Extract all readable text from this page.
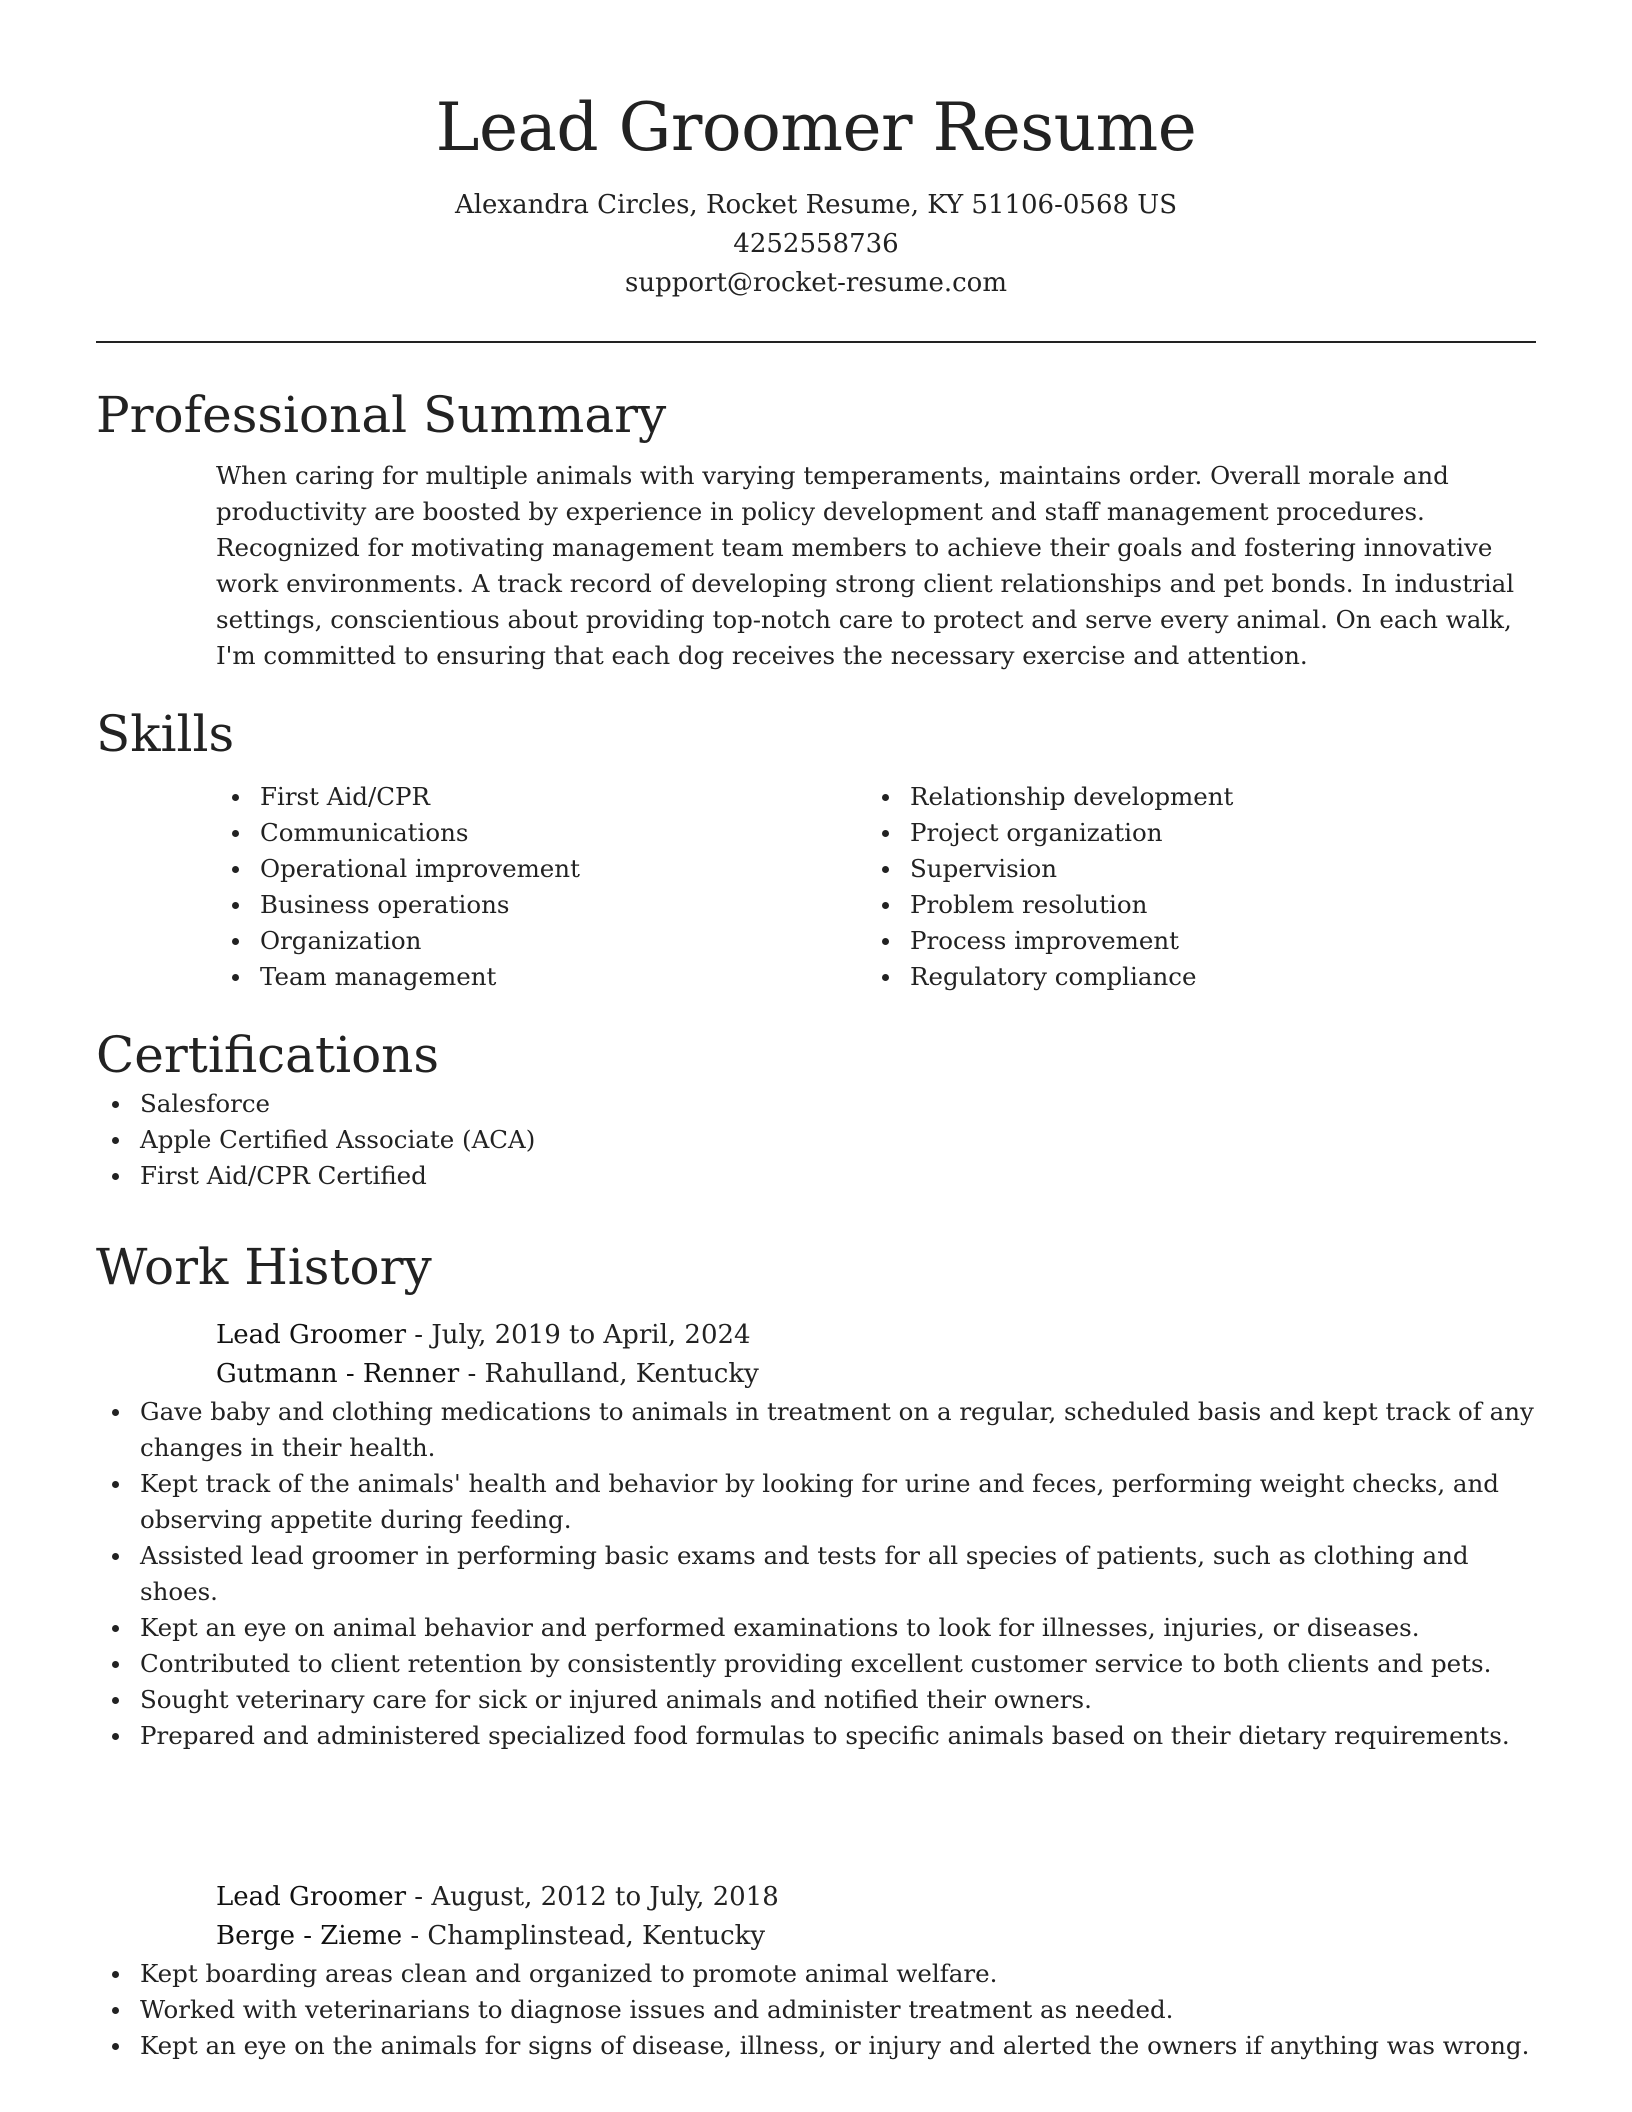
Lead Groomer Resume
Alexandra Circles, Rocket Resume, KY 51106-0568 US
4252558736
support@rocket-resume.com
Professional Summary
When caring for multiple animals with varying temperaments, maintains order. Overall morale and productivity are boosted by experience in policy development and staff management procedures. Recognized for motivating management team members to achieve their goals and fostering innovative work environments. A track record of developing strong client relationships and pet bonds. In industrial settings, conscientious about providing top-notch care to protect and serve every animal. On each walk, I'm committed to ensuring that each dog receives the necessary exercise and attention.
Skills
First Aid/CPR
Communications
Operational improvement
Business operations
Organization
Team management
Relationship development
Project organization
Supervision
Problem resolution
Process improvement
Regulatory compliance
Certifications
Salesforce
Apple Certified Associate (ACA)
First Aid/CPR Certified
Work History
Lead Groomer - July, 2019 to April, 2024
Gutmann - Renner - Rahulland, Kentucky
Gave baby and clothing medications to animals in treatment on a regular, scheduled basis and kept track of any changes in their health.
Kept track of the animals' health and behavior by looking for urine and feces, performing weight checks, and observing appetite during feeding.
Assisted lead groomer in performing basic exams and tests for all species of patients, such as clothing and shoes.
Kept an eye on animal behavior and performed examinations to look for illnesses, injuries, or diseases.
Contributed to client retention by consistently providing excellent customer service to both clients and pets.
Sought veterinary care for sick or injured animals and notified their owners.
Prepared and administered specialized food formulas to specific animals based on their dietary requirements.
Lead Groomer - August, 2012 to July, 2018
Berge - Zieme - Champlinstead, Kentucky
Kept boarding areas clean and organized to promote animal welfare.
Worked with veterinarians to diagnose issues and administer treatment as needed.
Kept an eye on the animals for signs of disease, illness, or injury and alerted the owners if anything was wrong.
